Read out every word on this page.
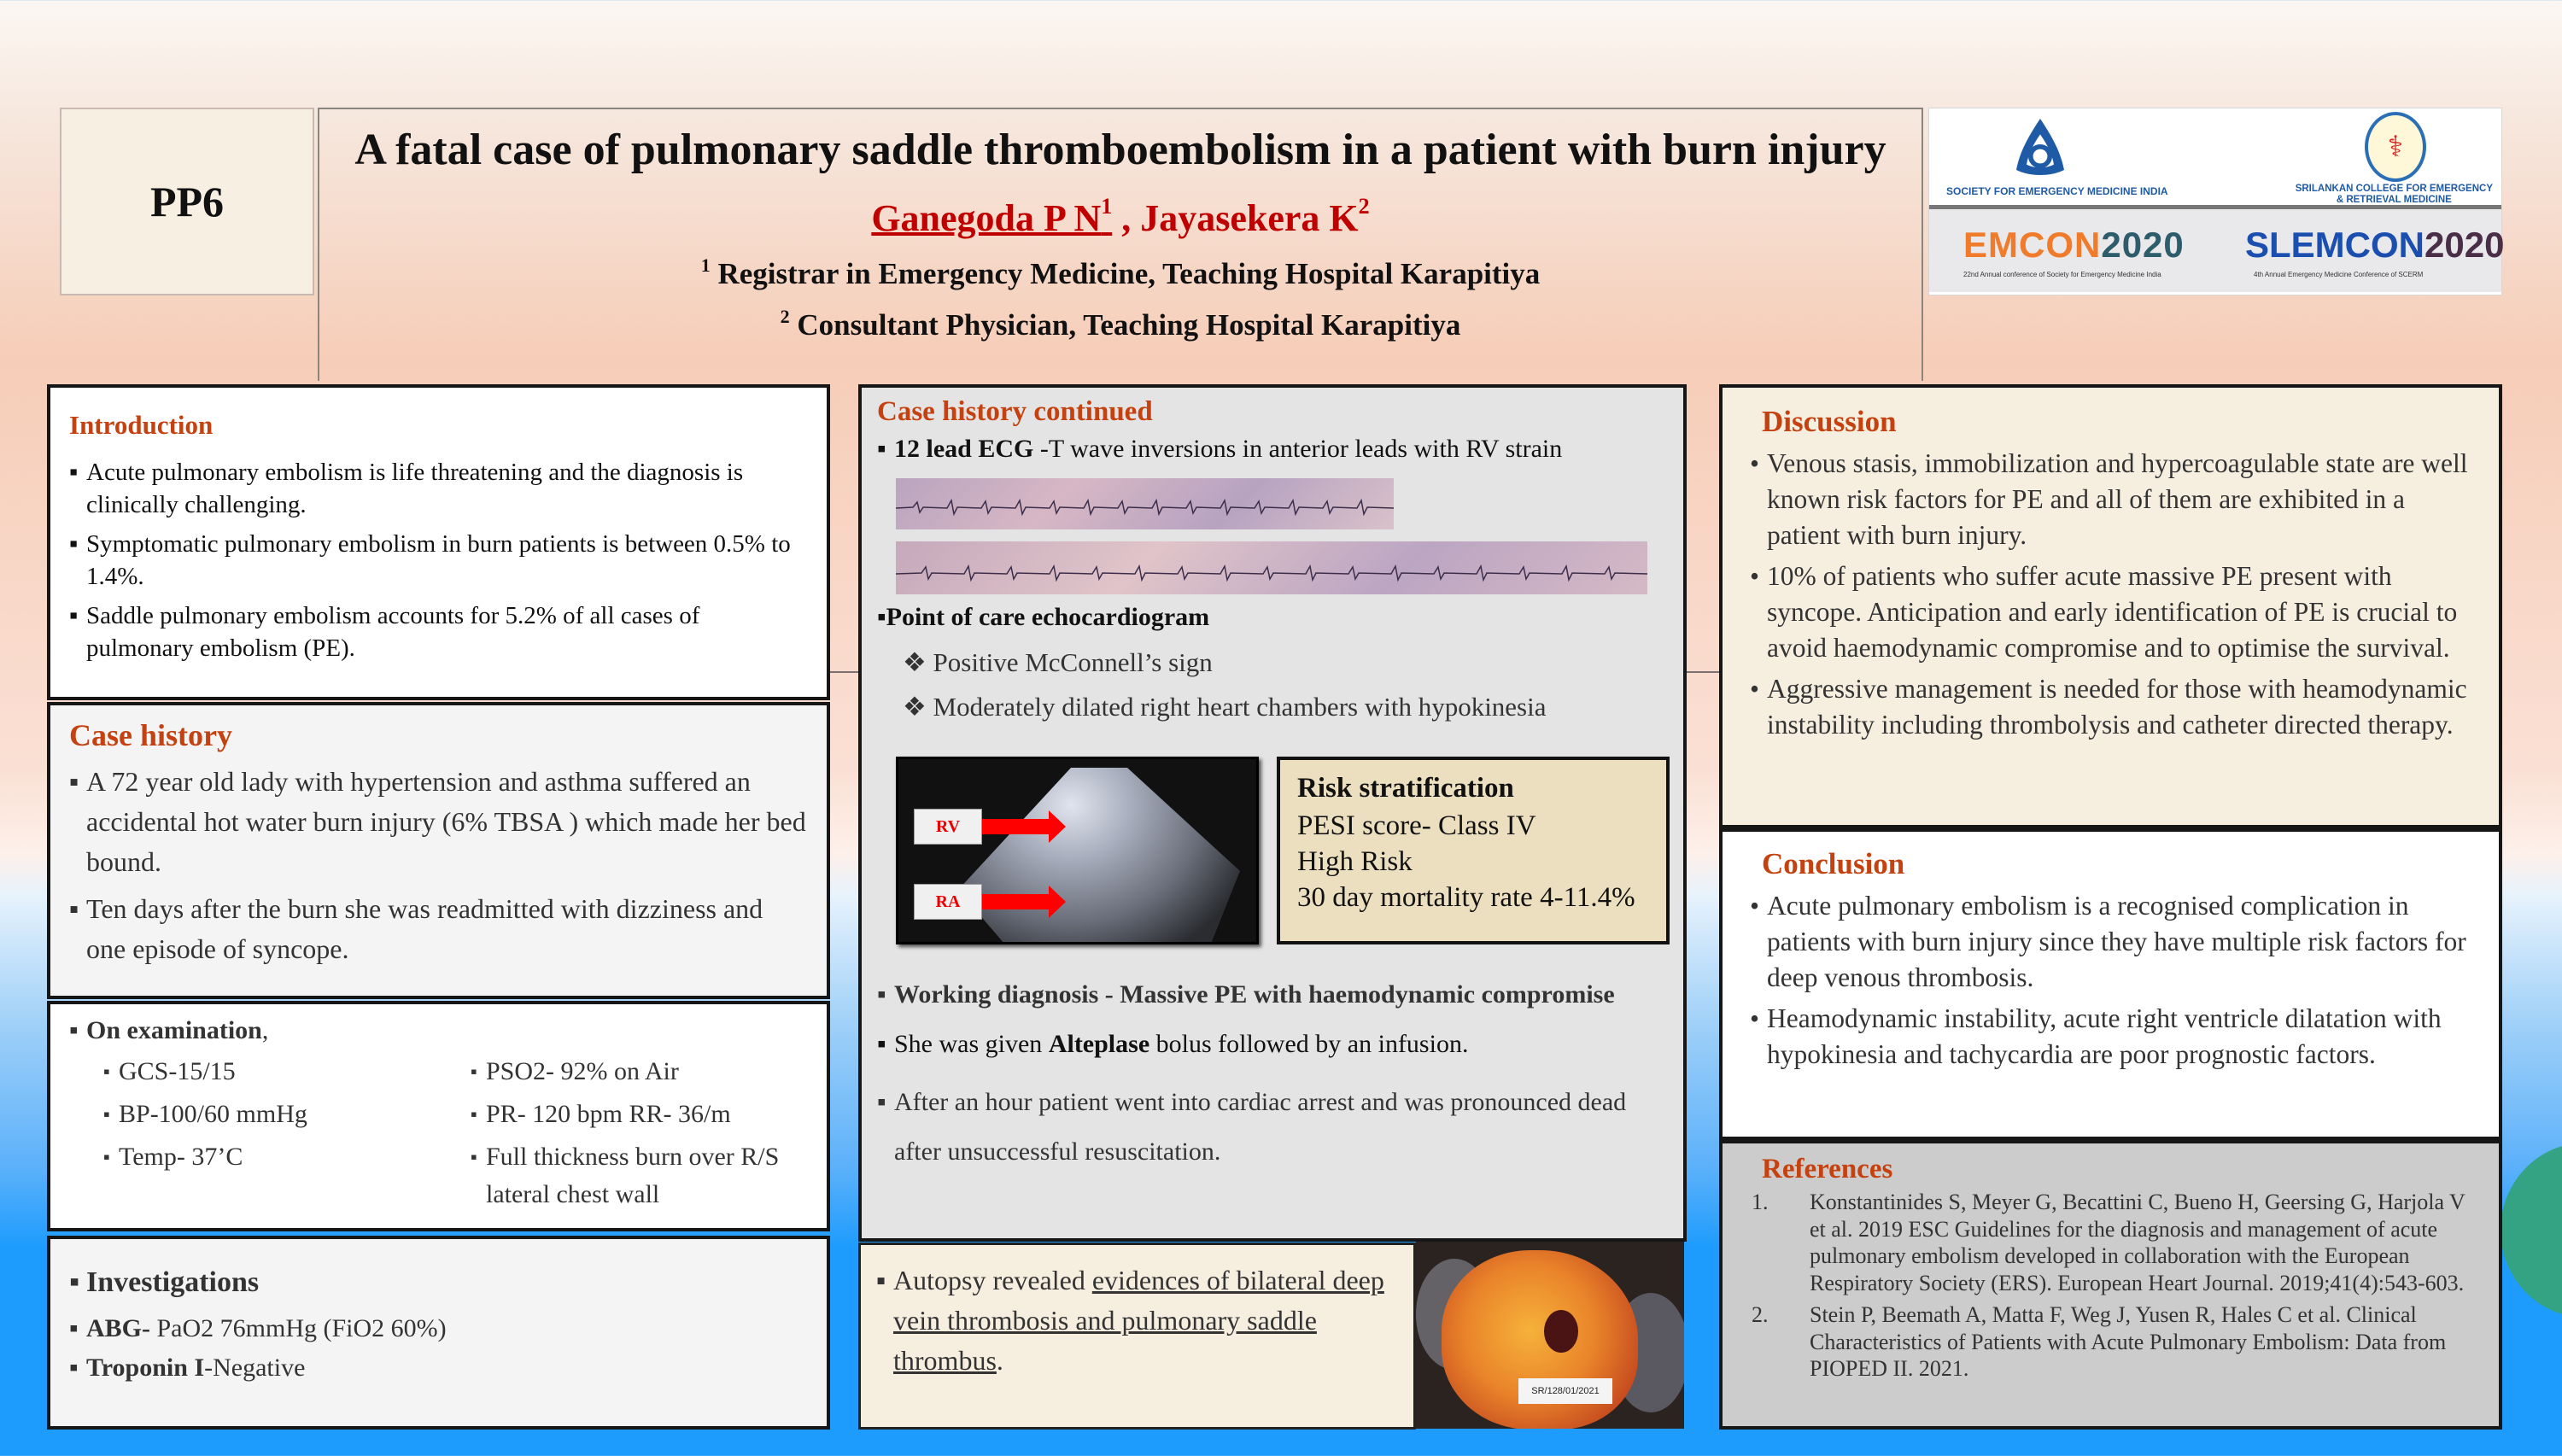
PP6
A fatal case of pulmonary saddle thromboembolism in a patient with burn injury
Ganegoda P $N^1$ , Jayasekera $K^2$
$^1$ Registrar in Emergency Medicine, Teaching Hospital Karapitiya
$^2$ Consultant Physician, Teaching Hospital Karapitiya
SOCIETY FOR EMERGENCY MEDICINE INDIA
⚕
SRILANKAN COLLEGE FOR EMERGENCY
& RETRIEVAL MEDICINE
EMCON2020
22nd Annual conference of Society for Emergency Medicine India
SLEMCON2020
4th Annual Emergency Medicine Conference of SCERM
Introduction
▪ Acute pulmonary embolism is life threatening and the diagnosis is clinically challenging.
▪ Symptomatic pulmonary embolism in burn patients is between 0.5% to 1.4%.
▪ Saddle pulmonary embolism accounts for 5.2% of all cases of pulmonary embolism (PE).
Case history
▪ A 72 year old lady with hypertension and asthma suffered an accidental hot water burn injury (6% TBSA ) which made her bed bound.
▪ Ten days after the burn she was readmitted with dizziness and one episode of syncope.
▪ On examination,
▪ GCS-15/15	▪ PSO2- 92% on Air
▪ BP-100/60 mmHg	▪ PR- 120 bpm RR- 36/m
▪ Temp- 37’C	▪ Full thickness burn over R/S lateral chest wall
▪ Investigations
▪ ABG- PaO2 76mmHg (FiO2 60%)
▪ Troponin I-Negative
Case history continued
▪ 12 lead ECG -T wave inversions in anterior leads with RV strain
▪Point of care echocardiogram
❖ Positive McConnell’s sign
❖ Moderately dilated right heart chambers with hypokinesia
RV
RA
Risk stratification
PESI score- Class IV
High Risk
30 day mortality rate 4-11.4%
▪ Working diagnosis - Massive PE with haemodynamic compromise
▪ She was given Alteplase bolus followed by an infusion.
▪ After an hour patient went into cardiac arrest and was pronounced dead after unsuccessful resuscitation.
▪ Autopsy revealed evidences of bilateral deep vein thrombosis and pulmonary saddle thrombus.
SR/128/01/2021
Discussion
• Venous stasis, immobilization and hypercoagulable state are well known risk factors for PE and all of them are exhibited in a patient with burn injury.
• 10% of patients who suffer acute massive PE present with syncope. Anticipation and early identification of PE is crucial to avoid haemodynamic compromise and to optimise the survival.
• Aggressive management is needed for those with heamodynamic instability including thrombolysis and catheter directed therapy.
Conclusion
• Acute pulmonary embolism is a recognised complication in patients with burn injury since they have multiple risk factors for deep venous thrombosis.
• Heamodynamic instability, acute right ventricle dilatation with hypokinesia and tachycardia are poor prognostic factors.
References
1.	Konstantinides S, Meyer G, Becattini C, Bueno H, Geersing G, Harjola V et al. 2019 ESC Guidelines for the diagnosis and management of acute pulmonary embolism developed in collaboration with the European Respiratory Society (ERS). European Heart Journal. 2019;41(4):543-603.
2.	Stein P, Beemath A, Matta F, Weg J, Yusen R, Hales C et al. Clinical Characteristics of Patients with Acute Pulmonary Embolism: Data from PIOPED II. 2021.
